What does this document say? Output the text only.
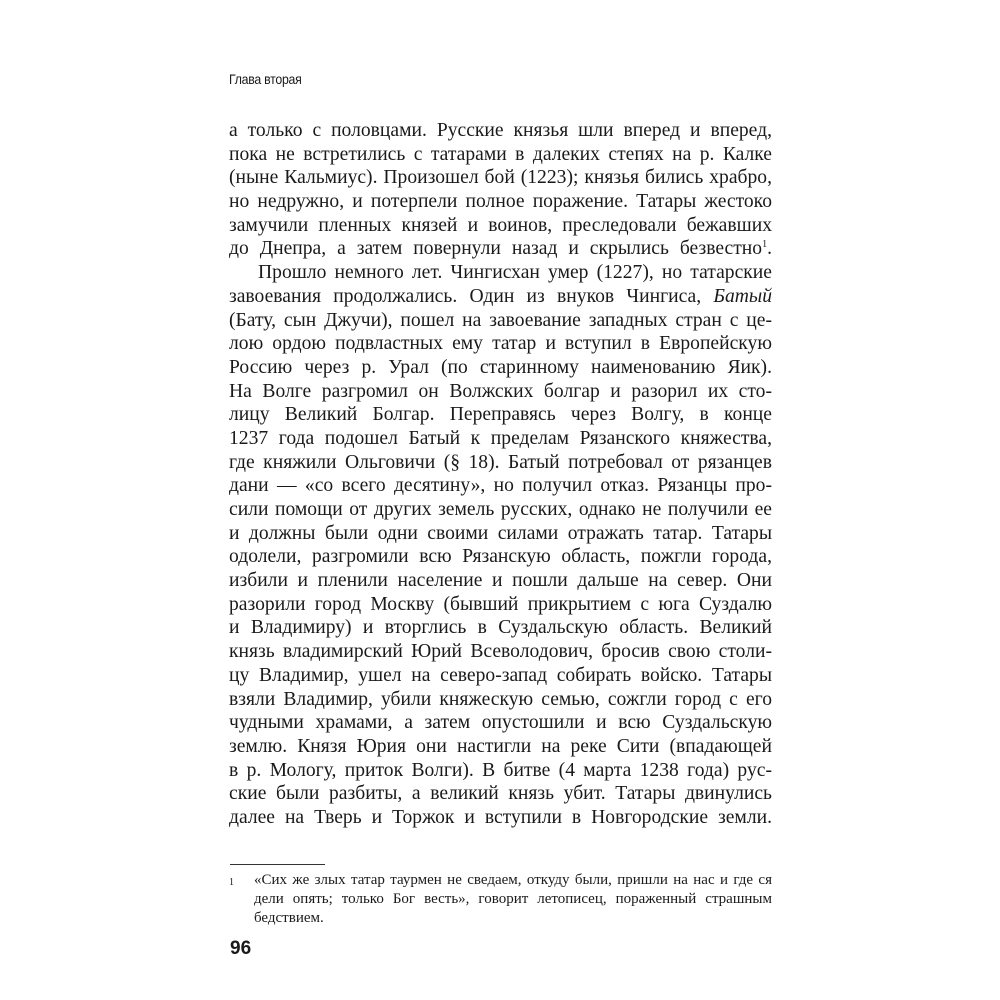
Глава вторая
а только с половцами. Русские князья шли вперед и вперед,
пока не встретились с татарами в далеких степях на р. Калке
(ныне Кальмиус). Произошел бой (1223); князья бились храбро,
но недружно, и потерпели полное поражение. Татары жестоко
замучили пленных князей и воинов, преследовали бежавших
до Днепра, а затем повернули назад и скрылись безвестно$^1$.
Прошло немного лет. Чингисхан умер (1227), но татарские
завоевания продолжались. Один из внуков Чингиса, Батый
(Бату, сын Джучи), пошел на завоевание западных стран с це-
лою ордою подвластных ему татар и вступил в Европейскую
Россию через р. Урал (по старинному наименованию Яик).
На Волге разгромил он Волжских болгар и разорил их сто-
лицу Великий Болгар. Переправясь через Волгу, в конце
1237 года подошел Батый к пределам Рязанского княжества,
где княжили Ольговичи (§ 18). Батый потребовал от рязанцев
дани — «со всего десятину», но получил отказ. Рязанцы про-
сили помощи от других земель русских, однако не получили ее
и должны были одни своими силами отражать татар. Татары
одолели, разгромили всю Рязанскую область, пожгли города,
избили и пленили население и пошли дальше на север. Они
разорили город Москву (бывший прикрытием с юга Суздалю
и Владимиру) и вторглись в Суздальскую область. Великий
князь владимирский Юрий Всеволодович, бросив свою столи-
цу Владимир, ушел на северо-запад собирать войско. Татары
взяли Владимир, убили княжескую семью, сожгли город с его
чудными храмами, а затем опустошили и всю Суздальскую
землю. Князя Юрия они настигли на реке Сити (впадающей
в р. Мологу, приток Волги). В битве (4 марта 1238 года) рус-
ские были разбиты, а великий князь убит. Татары двинулись
далее на Тверь и Торжок и вступили в Новгородские земли.
1	«Сих же злых татар таурмен не сведаем, откуду были, пришли на нас и где ся
дели опять; только Бог весть», говорит летописец, пораженный страшным
бедствием.
96
